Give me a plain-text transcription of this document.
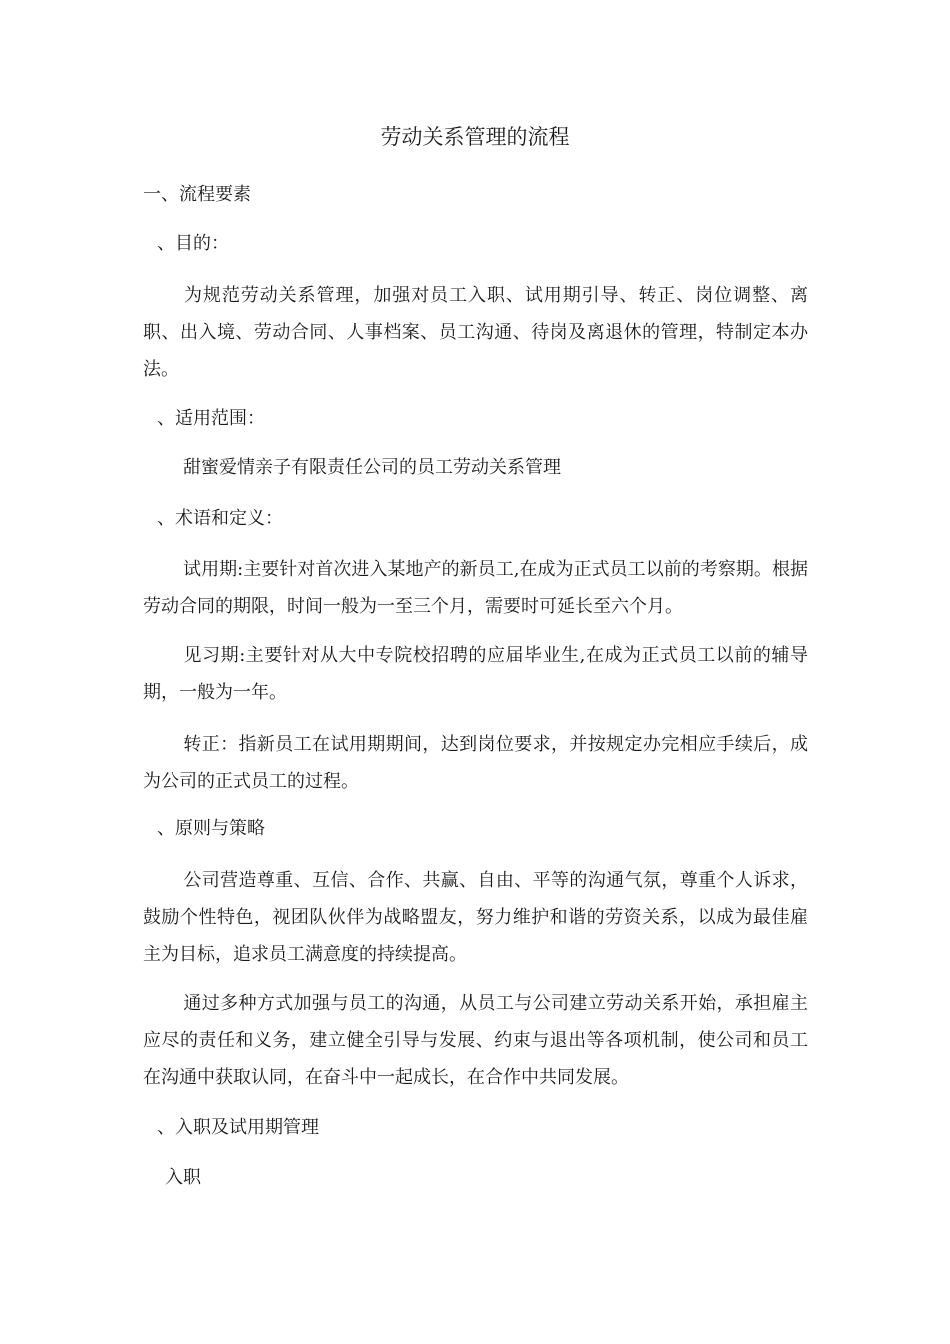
劳动关系管理的流程
一、流程要素
、目的：
为规范劳动关系管理，加强对员工入职、试用期引导、转正、岗位调整、离职、出入境、劳动合同、人事档案、员工沟通、待岗及离退休的管理，特制定本办法。
、适用范围：
甜蜜爱情亲子有限责任公司的员工劳动关系管理
、术语和定义：
试用期:主要针对首次进入某地产的新员工,在成为正式员工以前的考察期。根据劳动合同的期限，时间一般为一至三个月，需要时可延长至六个月。
见习期:主要针对从大中专院校招聘的应届毕业生,在成为正式员工以前的辅导期，一般为一年。
转正：指新员工在试用期期间，达到岗位要求，并按规定办完相应手续后，成为公司的正式员工的过程。
、原则与策略
公司营造尊重、互信、合作、共赢、自由、平等的沟通气氛，尊重个人诉求，鼓励个性特色，视团队伙伴为战略盟友，努力维护和谐的劳资关系，以成为最佳雇主为目标，追求员工满意度的持续提高。
通过多种方式加强与员工的沟通，从员工与公司建立劳动关系开始，承担雇主应尽的责任和义务，建立健全引导与发展、约束与退出等各项机制，使公司和员工在沟通中获取认同，在奋斗中一起成长，在合作中共同发展。
、入职及试用期管理
入职
